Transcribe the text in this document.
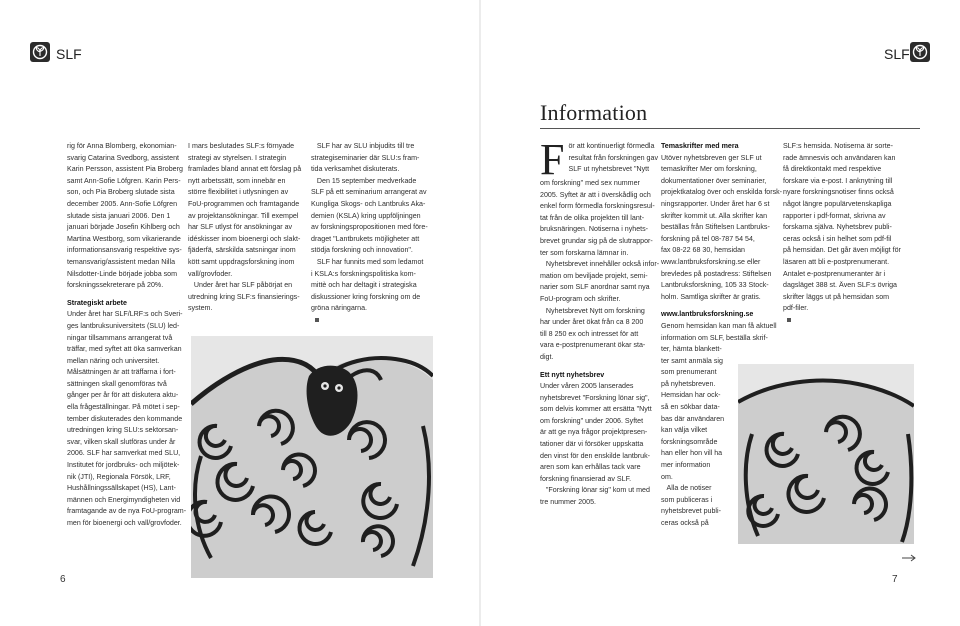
SLF	SLF
Information

rig för Anna Blomberg, ekonomian-

svarig Catarina Svedborg, assistent

Karin Persson, assistent Pia Broberg

samt Ann-Sofie Löfgren. Karin Pers-

son, och Pia Broberg slutade sista

december 2005. Ann-Sofie Löfgren

slutade sista januari 2006. Den 1

januari började Josefin Kihlberg och

Martina Westborg, som vikarierande

informationsansvarig respektive sys-

temansvarig/assistent medan Nilla

Nilsdotter-Linde började jobba som

forskningssekreterare på 20%.

Strategiskt arbete

Under året har SLF/LRF:s och Sveri-

ges lantbruksuniversitets (SLU) led-

ningar tillsammans arrangerat två

träffar, med syftet att öka samverkan

mellan näring och universitet.

Målsättningen är att träffarna i fort-

sättningen skall genomföras två

gånger per år för att diskutera aktu-

ella frågeställningar. På mötet i sep-

tember diskuterades den kommande

utredningen kring SLU:s sektorsan-

svar, vilken skall slutföras under år

2006. SLF har samverkat med SLU,

Institutet för jordbruks- och miljötek-

nik (JTI), Regionala Försök, LRF,

Hushållningssällskapet (HS), Lant-

männen och Energimyndigheten vid

framtagande av de nya FoU-program-

men för bioenergi och vall/grovfoder.

I mars beslutades SLF:s förnyade

strategi av styrelsen. I strategin

framlades bland annat ett förslag på

nytt arbetssätt, som innebär en

större flexibilitet i utlysningen av

FoU-programmen och framtagande

av projektansökningar. Till exempel

har SLF utlyst för ansökningar av

idéskisser inom bioenergi och slakt-

fjäderfä, särskilda satsningar inom

kött samt uppdragsforskning inom

vall/grovfoder.

Under året har SLF påbörjat en

utredning kring SLF:s finansierings-

system.

SLF har av SLU inbjudits till tre

strategiseminarier där SLU:s fram-

tida verksamhet diskuterats.

Den 15 september medverkade

SLF på ett seminarium arrangerat av

Kungliga Skogs- och Lantbruks Aka-

demien (KSLA) kring uppföljningen

av forskningspropositionen med före-

draget "Lantbrukets möjligheter att

stödja forskning och innovation".

SLF har funnits med som ledamot

i KSLA:s forskningspolitiska kom-

mittè och har deltagit i strategiska

diskussioner kring forskning om de

gröna näringarna.

F ör att kontinuerligt förmedla

resultat från forskningen gav

SLF ut nyhetsbrevet "Nytt

om forskning" med sex nummer

2005. Syftet är att i överskådlig och

enkel form förmedla forskningsresul-

tat från de olika projekten till lant-

bruksnäringen. Notiserna i nyhets-

brevet grundar sig på de slutrappor-

ter som forskarna lämnar in.

Nyhetsbrevet innehåller också infor-

mation om beviljade projekt, semi-

narier som SLF anordnar samt nya

FoU-program och skrifter.

Nyhetsbrevet Nytt om forskning

har under året ökat från ca 8 200

till 8 250 ex och intresset för att

vara e-postprenumerant ökar sta-

digt.

Ett nytt nyhetsbrev

Under våren 2005 lanserades

nyhetsbrevet "Forskning lönar sig",

som delvis kommer att ersätta "Nytt

om forskning" under 2006. Syftet

är att ge nya frågor projektpresen-

tationer där vi försöker uppskatta

den vinst för den enskilde lantbruk-

aren som kan erhållas tack vare

forskning finansierad av SLF.

"Forskning lönar sig" kom ut med

tre nummer 2005.

Temaskrifter med mera

Utöver nyhetsbreven ger SLF ut

temaskrifter Mer om forskning,

dokumentationer över seminarier,

projektkatalog över och enskilda forsk-

ningsrapporter. Under året har 6 st

skrifter kommit ut. Alla skrifter kan

beställas från Stiftelsen Lantbruks-

forskning på tel 08-787 54 54,

fax 08-22 68 30, hemsidan

www.lantbruksforskning.se eller

brevledes på postadress: Stiftelsen

Lantbruksforskning, 105 33 Stock-

holm. Samtliga skrifter är gratis.

www.lantbruksforskning.se

Genom hemsidan kan man få aktuell

information om SLF, beställa skrif-

ter, hämta blankett-

ter samt anmäla sig

som prenumerant

på nyhetsbreven.

Hemsidan har ock-

så en sökbar data-

bas där användaren

kan välja vilket

forskningsområde

han eller hon vill ha

mer information

om.

Alla de notiser

som publiceras i

nyhetsbrevet publi-

ceras också på

SLF:s hemsida. Notiserna är sorte-

rade ämnesvis och användaren kan

få direktkontakt med respektive

forskare via e-post. I anknytning till

nyare forskningsnotiser finns också

något längre populärvetenskapliga

rapporter i pdf-format, skrivna av

forskarna själva. Nyhetsbrev publi-

ceras också i sin helhet som pdf-fil

på hemsidan. Det går även möjligt för

läsaren att bli e-postprenumerant.

Antalet e-postprenumeranter är i

dagsläget 388 st. Även SLF:s övriga

skrifter läggs ut på hemsidan som

pdf-filer.

6	7
